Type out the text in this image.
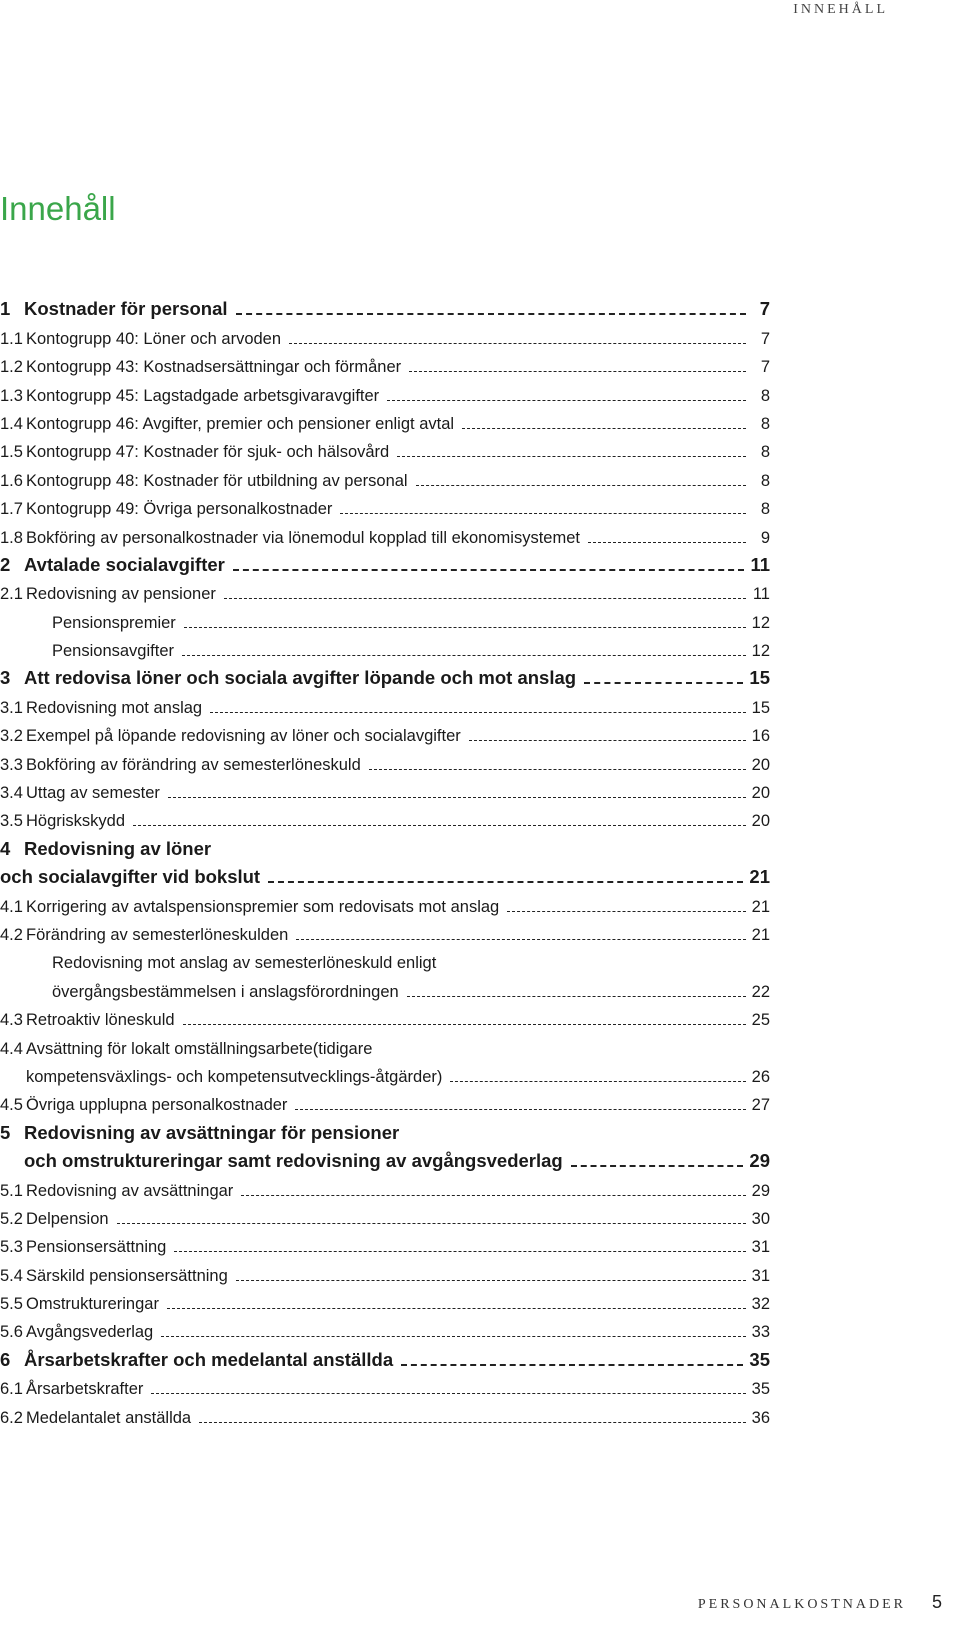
INNEHÅLL
Innehåll
1 Kostnader för personal	7
1.1 Kontogrupp 40: Löner och arvoden	7
1.2 Kontogrupp 43: Kostnadsersättningar och förmåner	7
1.3 Kontogrupp 45: Lagstadgade arbetsgivaravgifter	8
1.4 Kontogrupp 46: Avgifter, premier och pensioner enligt avtal	8
1.5 Kontogrupp 47: Kostnader för sjuk- och hälsovård	8
1.6 Kontogrupp 48: Kostnader för utbildning av personal	8
1.7 Kontogrupp 49: Övriga personalkostnader	8
1.8 Bokföring av personalkostnader via lönemodul kopplad till ekonomisystemet	9
2 Avtalade socialavgifter	11
2.1 Redovisning av pensioner	11
Pensionspremier	12
Pensionsavgifter	12
3 Att redovisa löner och sociala avgifter löpande och mot anslag	15
3.1 Redovisning mot anslag	15
3.2 Exempel på löpande redovisning av löner och socialavgifter	16
3.3 Bokföring av förändring av semesterlöneskuld	20
3.4 Uttag av semester	20
3.5 Högriskskydd	20
4 Redovisning av löner
och socialavgifter vid bokslut	21
4.1 Korrigering av avtalspensionspremier som redovisats mot anslag	21
4.2 Förändring av semesterlöneskulden	21
Redovisning mot anslag av semesterlöneskuld enligt
övergångsbestämmelsen i anslagsförordningen	22
4.3 Retroaktiv löneskuld	25
4.4 Avsättning för lokalt omställningsarbete(tidigare
kompetensväxlings- och kompetensutvecklings-åtgärder)	26
4.5 Övriga upplupna personalkostnader	27
5 Redovisning av avsättningar för pensioner
och omstruktureringar samt redovisning av avgångsvederlag	29
5.1 Redovisning av avsättningar	29
5.2 Delpension	30
5.3 Pensionsersättning	31
5.4 Särskild pensionsersättning	31
5.5 Omstruktureringar	32
5.6 Avgångsvederlag	33
6 Årsarbetskrafter och medelantal anställda	35
6.1 Årsarbetskrafter	35
6.2 Medelantalet anställda	36
PERSONALKOSTNADER 5
